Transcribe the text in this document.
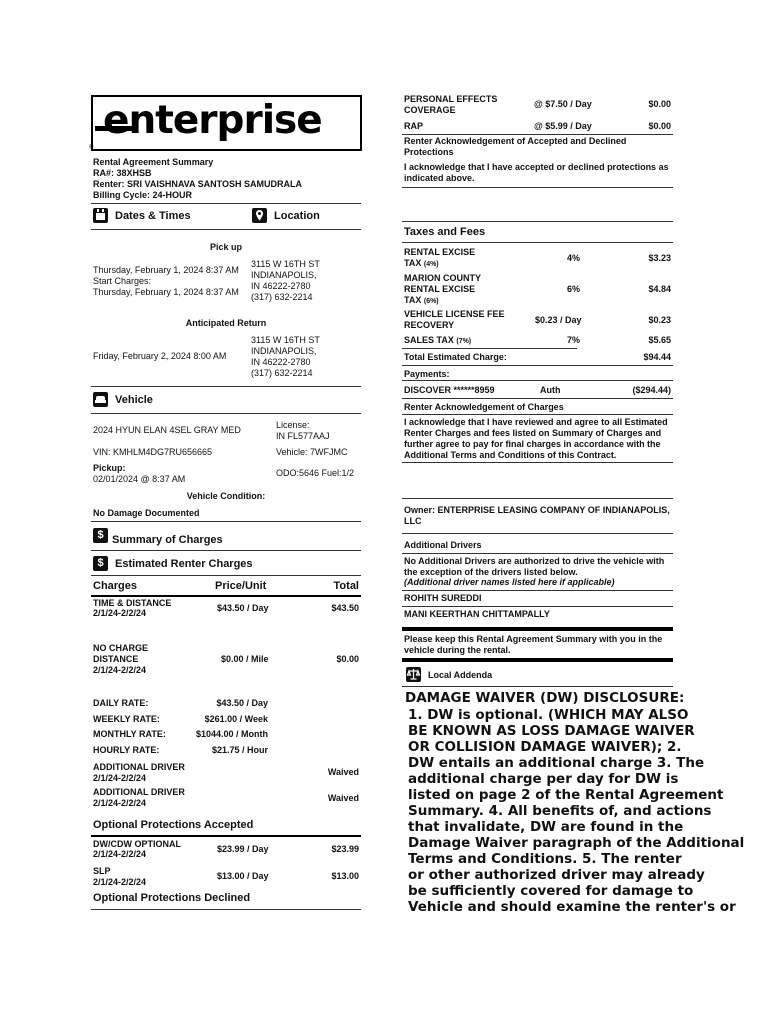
enterprise
®
Rental Agreement Summary
RA#: 38XHSB
Renter: SRI VAISHNAVA SANTOSH SAMUDRALA
Billing Cycle: 24-HOUR
Dates & Times	Location
Pick up
Thursday, February 1, 2024 8:37 AM
Start Charges:
Thursday, February 1, 2024 8:37 AM
3115 W 16TH ST
INDIANAPOLIS,
IN 46222-2780
(317) 632-2214
Anticipated Return
Friday, February 2, 2024 8:00 AM
3115 W 16TH ST
INDIANAPOLIS,
IN 46222-2780
(317) 632-2214
Vehicle
2024 HYUN ELAN 4SEL GRAY MED	License:
IN FL577AAJ
VIN: KMHLM4DG7RU656665	Vehicle: 7WFJMC
Pickup:
02/01/2024 @ 8:37 AM
ODO:5646 Fuel:1/2
Vehicle Condition:
No Damage Documented
$ Summary of Charges
$	Estimated Renter Charges
Charges	Price/Unit	Total
TIME & DISTANCE
2/1/24-2/2/24	$43.50 / Day	$43.50
NO CHARGE
DISTANCE
2/1/24-2/2/24
$0.00 / Mile	$0.00
DAILY RATE:	$43.50 / Day
WEEKLY RATE:	$261.00 / Week
MONTHLY RATE:	$1044.00 / Month
HOURLY RATE:	$21.75 / Hour
ADDITIONAL DRIVER
2/1/24-2/2/24
Waived
ADDITIONAL DRIVER
2/1/24-2/2/24	Waived
Optional Protections Accepted
DW/CDW OPTIONAL
2/1/24-2/2/24	$23.99 / Day	$23.99
SLP
2/1/24-2/2/24
$13.00 / Day	$13.00
Optional Protections Declined
PERSONAL EFFECTS
COVERAGE
@ $7.50 / Day	$0.00
RAP	@ $5.99 / Day	$0.00
Renter Acknowledgement of Accepted and Declined Protections
I acknowledge that I have accepted or declined protections as indicated above.
Taxes and Fees
RENTAL EXCISE
TAX (4%)
4%	$3.23
MARION COUNTY
RENTAL EXCISE
TAX (6%)
6%	$4.84
VEHICLE LICENSE FEE
RECOVERY	$0.23 / Day	$0.23
SALES TAX (7%)	7%	$5.65
Total Estimated Charge:	$94.44
Payments:
DISCOVER ******8959	Auth	($294.44)
Renter Acknowledgement of Charges
I acknowledge that I have reviewed and agree to all Estimated Renter Charges and fees listed on Summary of Charges and further agree to pay for final charges in accordance with the Additional Terms and Conditions of this Contract.
Owner: ENTERPRISE LEASING COMPANY OF INDIANAPOLIS, LLC
Additional Drivers
No Additional Drivers are authorized to drive the vehicle with the exception of the drivers listed below.
(Additional driver names listed here if applicable)
ROHITH SUREDDI
MANI KEERTHAN CHITTAMPALLY
Please keep this Rental Agreement Summary with you in the vehicle during the rental.
Local Addenda
DAMAGE WAIVER (DW) DISCLOSURE:
1. DW is optional. (WHICH MAY ALSO
BE KNOWN AS LOSS DAMAGE WAIVER
OR COLLISION DAMAGE WAIVER); 2.
DW entails an additional charge 3. The
additional charge per day for DW is
listed on page 2 of the Rental Agreement
Summary. 4. All benefits of, and actions
that invalidate, DW are found in the
Damage Waiver paragraph of the Additional
Terms and Conditions. 5. The renter
or other authorized driver may already
be sufficiently covered for damage to
Vehicle and should examine the renter's or
